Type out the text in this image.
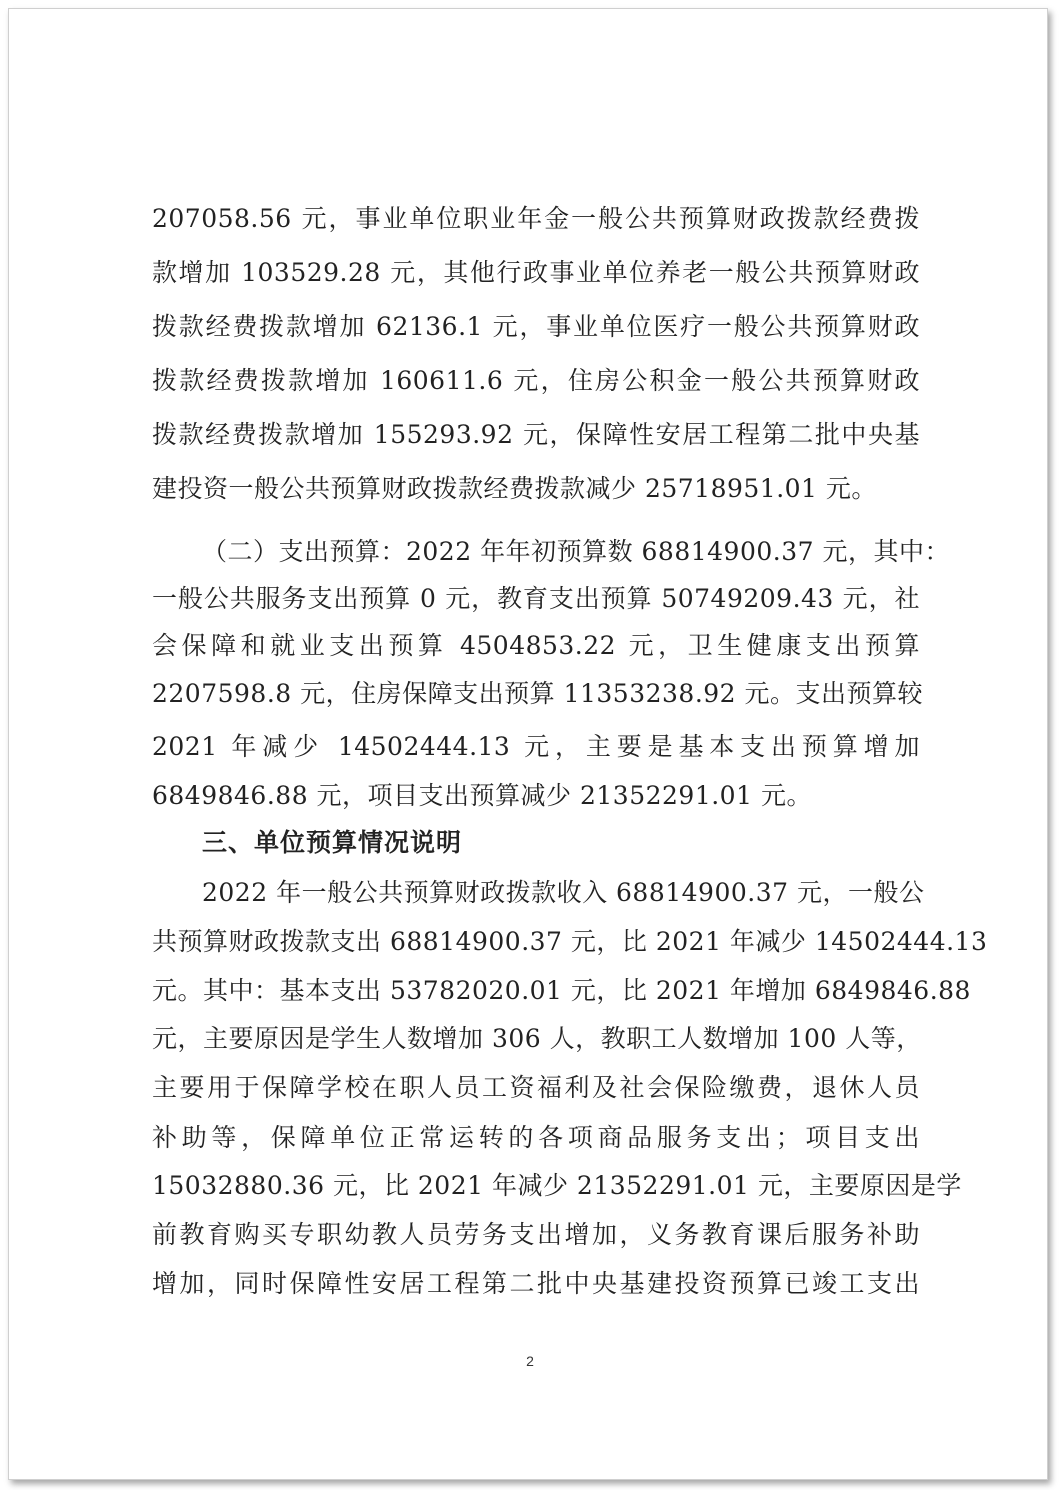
207058.56 元，事业单位职业年金一般公共预算财政拨款经费拨
款增加 103529.28 元，其他行政事业单位养老一般公共预算财政
拨款经费拨款增加 62136.1 元，事业单位医疗一般公共预算财政
拨款经费拨款增加 160611.6 元，住房公积金一般公共预算财政
拨款经费拨款增加 155293.92 元，保障性安居工程第二批中央基
建投资一般公共预算财政拨款经费拨款减少 25718951.01 元。
（二）支出预算：2022 年年初预算数 68814900.37 元，其中：
一般公共服务支出预算 0 元，教育支出预算 50749209.43 元，社
会保障和就业支出预算 4504853.22 元，卫生健康支出预算
2207598.8 元，住房保障支出预算 11353238.92 元。支出预算较
2021 年减少 14502444.13 元，主要是基本支出预算增加
6849846.88 元，项目支出预算减少 21352291.01 元。
三、单位预算情况说明
2022 年一般公共预算财政拨款收入 68814900.37 元，一般公
共预算财政拨款支出 68814900.37 元，比 2021 年减少 14502444.13
元。其中：基本支出 53782020.01 元，比 2021 年增加 6849846.88
元，主要原因是学生人数增加 306 人，教职工人数增加 100 人等，
主要用于保障学校在职人员工资福利及社会保险缴费，退休人员
补助等，保障单位正常运转的各项商品服务支出；项目支出
15032880.36 元，比 2021 年减少 21352291.01 元，主要原因是学
前教育购买专职幼教人员劳务支出增加，义务教育课后服务补助
增加，同时保障性安居工程第二批中央基建投资预算已竣工支出
2
